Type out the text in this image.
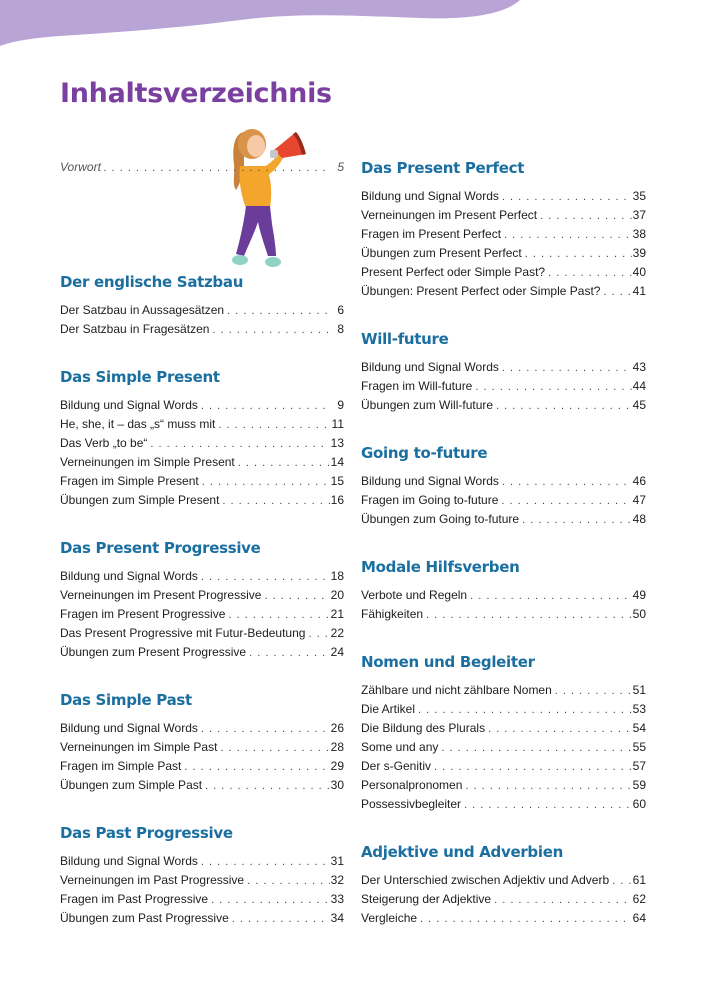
Inhaltsverzeichnis
Vorwort . . .	5
Der englische Satzbau
Der Satzbau in Aussagesätzen . . .	6
Der Satzbau in Fragesätzen . . .	8
Das Simple Present
Bildung und Signal Words . . .	9
He, she, it – das „s“ muss mit . . .	11
Das Verb „to be“ . . .	13
Verneinungen im Simple Present . . .	14
Fragen im Simple Present . . .	15
Übungen zum Simple Present . . .	16
Das Present Progressive
Bildung und Signal Words . . .	18
Verneinungen im Present Progressive . . .	20
Fragen im Present Progressive . . .	21
Das Present Progressive mit Futur-Bedeutung . . . 22
Übungen zum Present Progressive . . .	24
Das Simple Past
Bildung und Signal Words . . .	26
Verneinungen im Simple Past . . .	28
Fragen im Simple Past . . .	29
Übungen zum Simple Past . . .	30
Das Past Progressive
Bildung und Signal Words . . .	31
Verneinungen im Past Progressive . . .	32
Fragen im Past Progressive . . .	33
Übungen zum Past Progressive . . .	34
Das Present Perfect
Bildung und Signal Words . . .	35
Verneinungen im Present Perfect . . .	37
Fragen im Present Perfect . . .	38
Übungen zum Present Perfect . . .	39
Present Perfect oder Simple Past? . . .	40
Übungen: Present Perfect oder Simple Past? . . .	41
Will-future
Bildung und Signal Words . . .	43
Fragen im Will-future . . .	44
Übungen zum Will-future . . .	45
Going to-future
Bildung und Signal Words . . .	46
Fragen im Going to-future . . .	47
Übungen zum Going to-future . . .	48
Modale Hilfsverben
Verbote und Regeln . . .	49
Fähigkeiten . . .	50
Nomen und Begleiter
Zählbare und nicht zählbare Nomen . . .	51
Die Artikel . . .	53
Die Bildung des Plurals . . .	54
Some und any . . .	55
Der s-Genitiv . . .	57
Personalpronomen . . .	59
Possessivbegleiter . . .	60
Adjektive und Adverbien
Der Unterschied zwischen Adjektiv und Adverb . . . 61
Steigerung der Adjektive . . .	62
Vergleiche . . .	64
